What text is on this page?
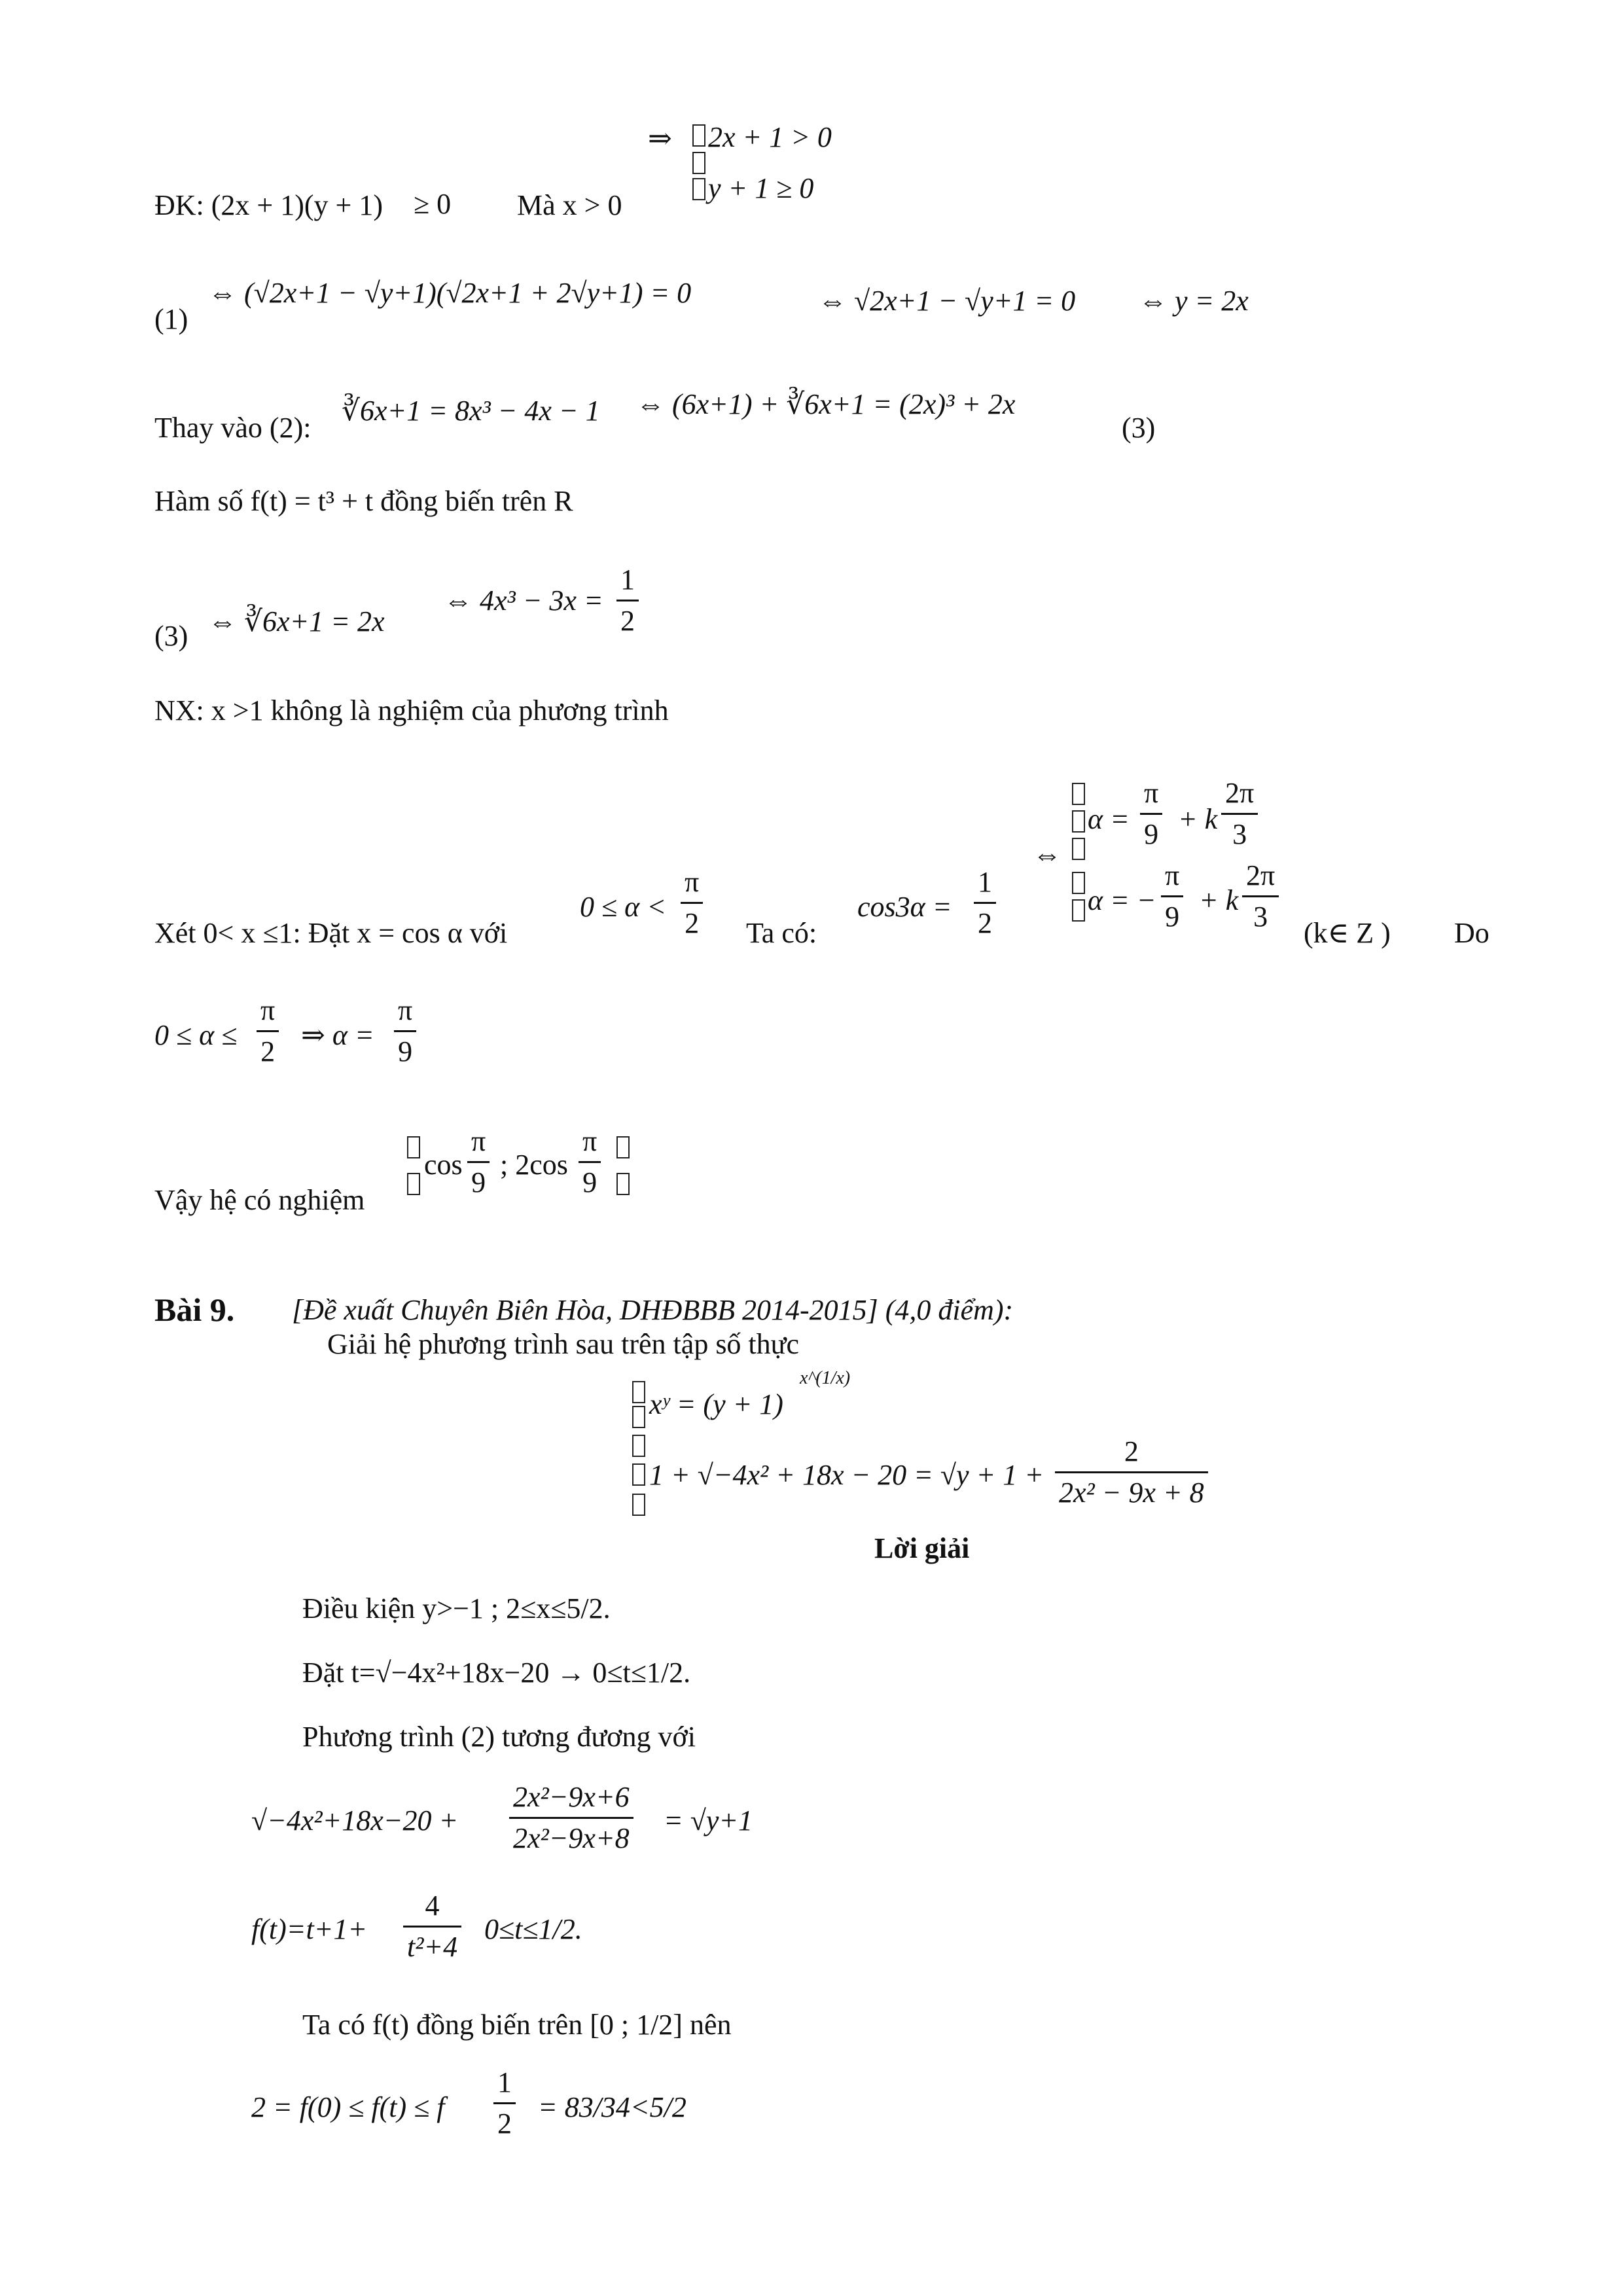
⇒ 2x + 1 > 0
y + 1 ≥ 0
ĐK: (2x + 1)(y + 1) ≥ 0 Mà x > 0
(1)
⇔ (√2x+1 − √y+1)(√2x+1 + 2√y+1) = 0	⇔ √2x+1 − √y+1 = 0 ⇔ y = 2x
Thay vào (2):
∛6x+1 = 8x³ − 4x − 1 ⇔ (6x+1) + ∛6x+1 = (2x)³ + 2x
(3)
Hàm số f(t) = t³ + t đồng biến trên R
(3) ⇔ ∛6x+1 = 2x
⇔ $4x^3 - 3x = \frac{1}{2}$
NX: x >1 không là nghiệm của phương trình
$\alpha = \frac{\pi}{9} + k \frac{2\pi}{3}$
⇔
α = − $\frac{\pi}{9} + k \frac{2\pi}{3}$
Xét 0< x ≤1: Đặt x = cos α với
$0 \le \alpha < \frac{\pi}{2}$ Ta có:
$\cos 3\alpha = \frac{1}{2}$	(k∈ Z ) Do
$0 \le \alpha \le \frac{\pi}{2}$ ⇒ $\alpha = \frac{\pi}{9}$
Vậy hệ có nghiệm
$\cos \frac{\pi}{9}$ ; $2\cos \frac{\pi}{9}$
Bài 9. [Đề xuất Chuyên Biên Hòa, DHĐBBB 2014-2015] (4,0 điểm):
Giải hệ phương trình sau trên tập số thực
xʸ = (y + 1)
x^(1/x)
$1 + √-4x^2 + 18x - 20 = √y + 1 + \frac{2}{\text{2x² − 9x + 8}}$
Lời giải
Điều kiện y>−1 ; 2≤x≤5/2.
Đặt t=√−4x²+18x−20 → 0≤t≤1/2.
Phương trình (2) tương đương với
$√-4x^2+18x-20 + \frac{\text{2x²−9x+6}}{\text{2x²−9x+8}} = √y+1$
$f(t)=t+1+ \frac{4}{\text{t²+4}} 0\le t\le 1/2$.
Ta có f(t) đồng biến trên [0 ; 1/2] nên
2 = f(0) ≤ f(t) ≤ f $\frac{1}{2} = 83/34<5/2$
